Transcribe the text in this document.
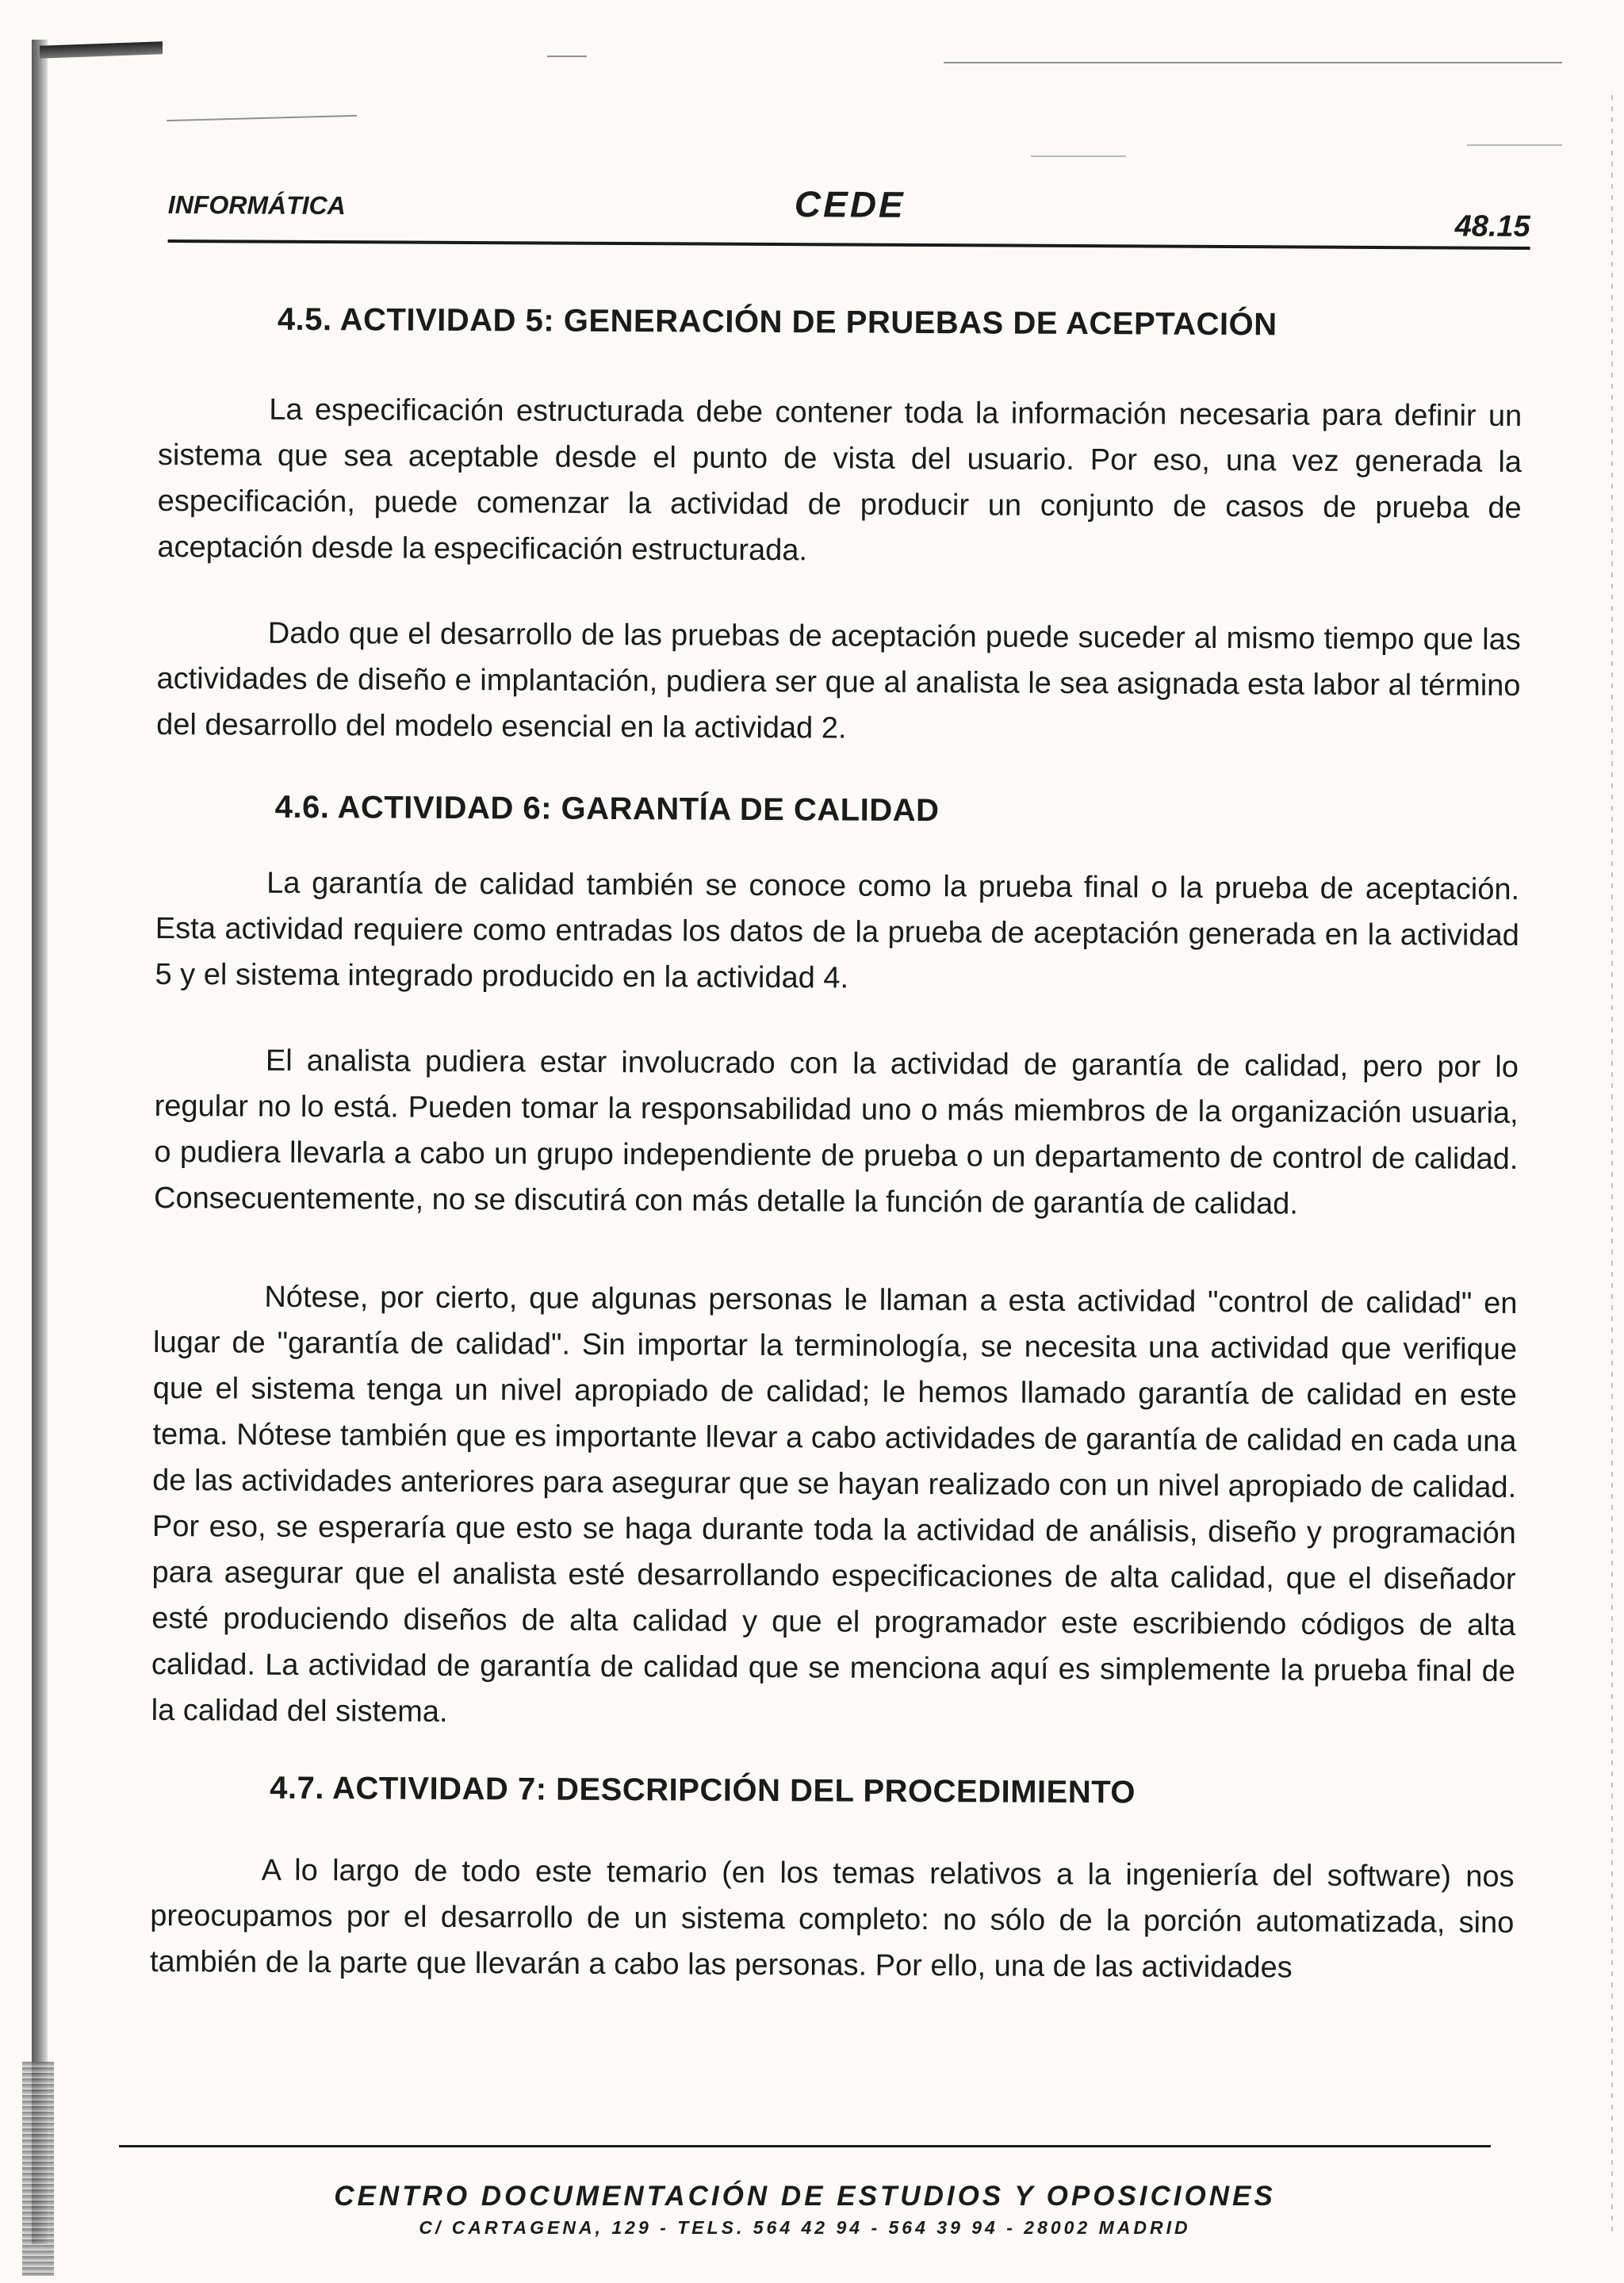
INFORMÁTICA	CEDE
48.15
4.5. ACTIVIDAD 5: GENERACIÓN DE PRUEBAS DE ACEPTACIÓN

La especificación estructurada debe contener toda la información necesaria para definir un sistema que sea aceptable desde el punto de vista del usuario. Por eso, una vez generada la especificación, puede comenzar la actividad de producir un conjunto de casos de prueba de aceptación desde la especificación estructurada.

Dado que el desarrollo de las pruebas de aceptación puede suceder al mismo tiempo que las actividades de diseño e implantación, pudiera ser que al analista le sea asignada esta labor al término del desarrollo del modelo esencial en la actividad 2.

4.6. ACTIVIDAD 6: GARANTÍA DE CALIDAD

La garantía de calidad también se conoce como la prueba final o la prueba de aceptación. Esta actividad requiere como entradas los datos de la prueba de aceptación generada en la actividad 5 y el sistema integrado producido en la actividad 4.

El analista pudiera estar involucrado con la actividad de garantía de calidad, pero por lo regular no lo está. Pueden tomar la responsabilidad uno o más miembros de la organización usuaria, o pudiera llevarla a cabo un grupo independiente de prueba o un departamento de control de calidad. Consecuentemente, no se discutirá con más detalle la función de garantía de calidad.

Nótese, por cierto, que algunas personas le llaman a esta actividad "control de calidad" en lugar de "garantía de calidad". Sin importar la terminología, se necesita una actividad que verifique que el sistema tenga un nivel apropiado de calidad; le hemos llamado garantía de calidad en este tema. Nótese también que es importante llevar a cabo actividades de garantía de calidad en cada una de las actividades anteriores para asegurar que se hayan realizado con un nivel apropiado de calidad. Por eso, se esperaría que esto se haga durante toda la actividad de análisis, diseño y programación para asegurar que el analista esté desarrollando especificaciones de alta calidad, que el diseñador esté produciendo diseños de alta calidad y que el programador este escribiendo códigos de alta calidad. La actividad de garantía de calidad que se menciona aquí es simplemente la prueba final de la calidad del sistema.

4.7. ACTIVIDAD 7: DESCRIPCIÓN DEL PROCEDIMIENTO

A lo largo de todo este temario (en los temas relativos a la ingeniería del software) nos preocupamos por el desarrollo de un sistema completo: no sólo de la porción automatizada, sino también de la parte que llevarán a cabo las personas. Por ello, una de las actividades

CENTRO DOCUMENTACIÓN DE ESTUDIOS Y OPOSICIONES
C/ CARTAGENA, 129 - TELS. 564 42 94 - 564 39 94 - 28002 MADRID
